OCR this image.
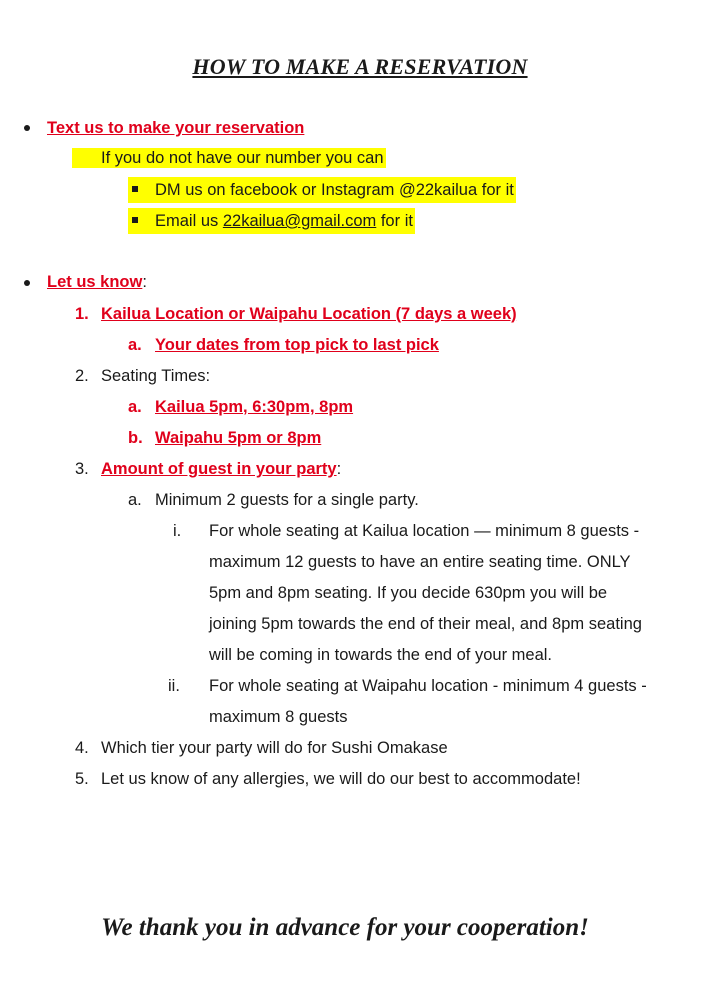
HOW TO MAKE A RESERVATION
Text us to make your reservation
If you do not have our number you can
DM us on facebook or Instagram @22kailua for it
Email us 22kailua@gmail.com for it
Let us know:
1. Kailua Location or Waipahu Location (7 days a week)
a. Your dates from top pick to last pick
2. Seating Times:
a. Kailua 5pm, 6:30pm, 8pm
b. Waipahu 5pm or 8pm
3. Amount of guest in your party:
a. Minimum 2 guests for a single party.
i. For whole seating at Kailua location — minimum 8 guests -
maximum 12 guests to have an entire seating time. ONLY
5pm and 8pm seating. If you decide 630pm you will be
joining 5pm towards the end of their meal, and 8pm seating
will be coming in towards the end of your meal.
ii. For whole seating at Waipahu location - minimum 4 guests -
maximum 8 guests
4. Which tier your party will do for Sushi Omakase
5. Let us know of any allergies, we will do our best to accommodate!
We thank you in advance for your cooperation!
